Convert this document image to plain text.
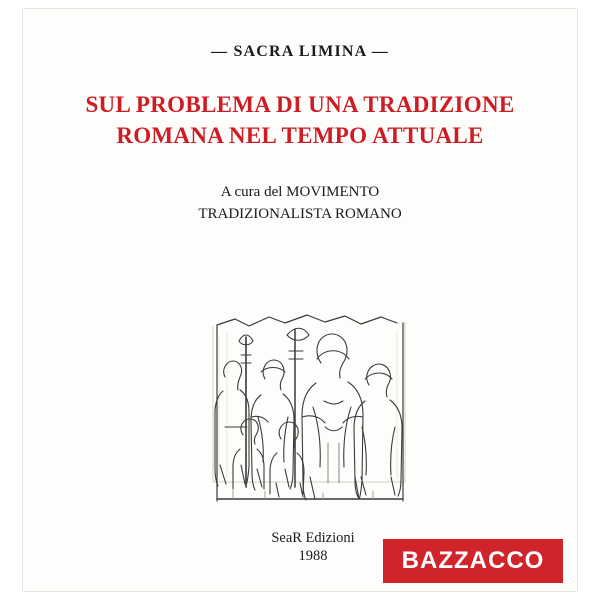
— SACRA LIMINA —
SUL PROBLEMA DI UNA TRADIZIONE
ROMANA NEL TEMPO ATTUALE
A cura del MOVIMENTO
TRADIZIONALISTA ROMANO
SeaR Edizioni
1988	BAZZACCO
